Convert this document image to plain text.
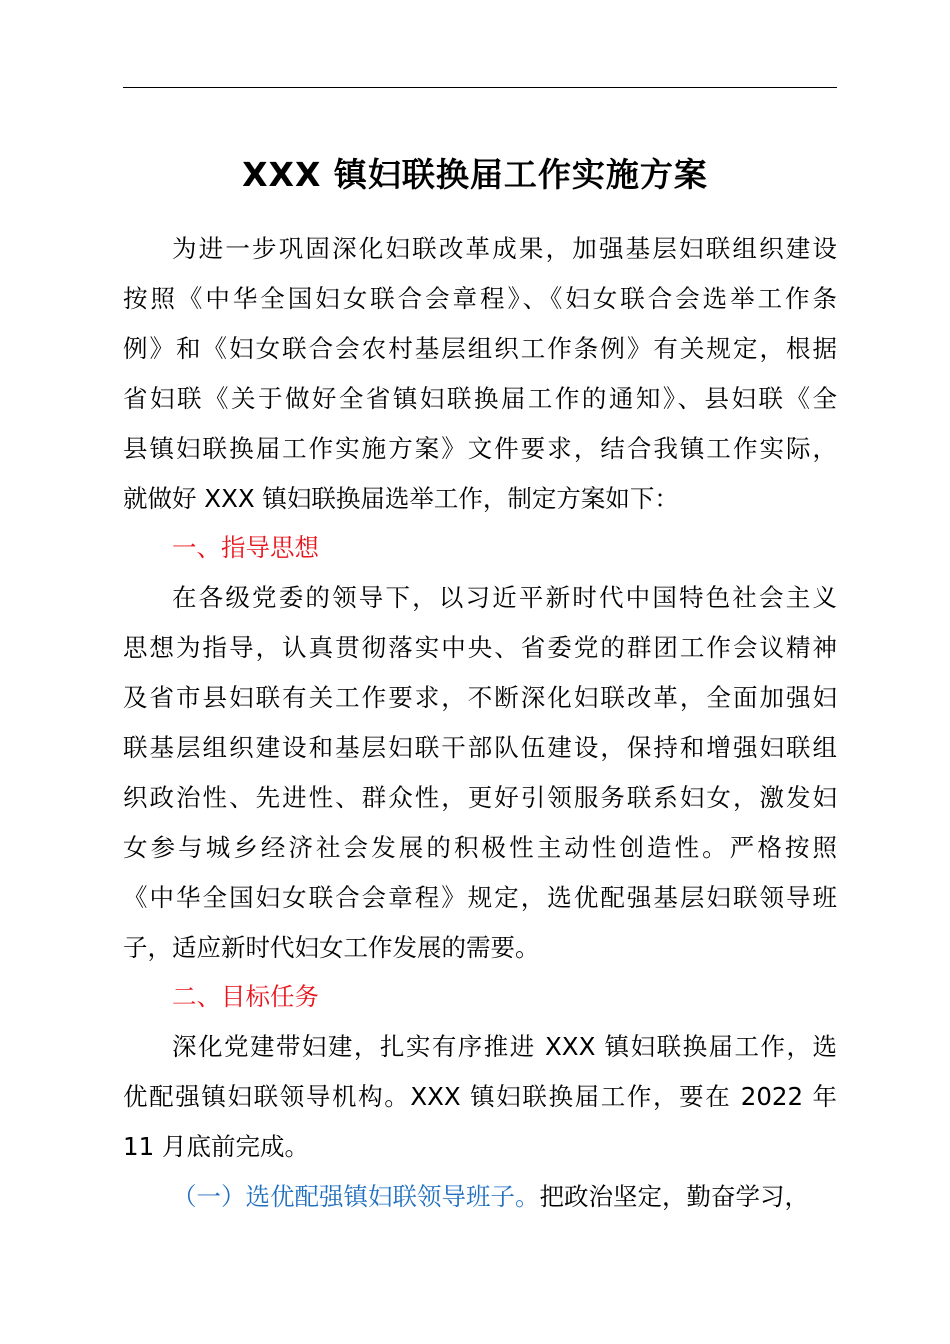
XXX 镇妇联换届工作实施方案
为进一步巩固深化妇联改革成果，加强基层妇联组织建设
按照《中华全国妇女联合会章程》、《妇女联合会选举工作条
例》和《妇女联合会农村基层组织工作条例》有关规定，根据
省妇联《关于做好全省镇妇联换届工作的通知》、县妇联《全
县镇妇联换届工作实施方案》文件要求，结合我镇工作实际，
就做好 XXX 镇妇联换届选举工作，制定方案如下：
一、指导思想
在各级党委的领导下，以习近平新时代中国特色社会主义
思想为指导，认真贯彻落实中央、省委党的群团工作会议精神
及省市县妇联有关工作要求，不断深化妇联改革，全面加强妇
联基层组织建设和基层妇联干部队伍建设，保持和增强妇联组
织政治性、先进性、群众性，更好引领服务联系妇女，激发妇
女参与城乡经济社会发展的积极性主动性创造性。严格按照
《中华全国妇女联合会章程》规定，选优配强基层妇联领导班
子，适应新时代妇女工作发展的需要。
二、目标任务
深化党建带妇建，扎实有序推进 XXX 镇妇联换届工作，选
优配强镇妇联领导机构。XXX 镇妇联换届工作，要在 2022 年
11 月底前完成。
（一）选优配强镇妇联领导班子。把政治坚定，勤奋学习，
